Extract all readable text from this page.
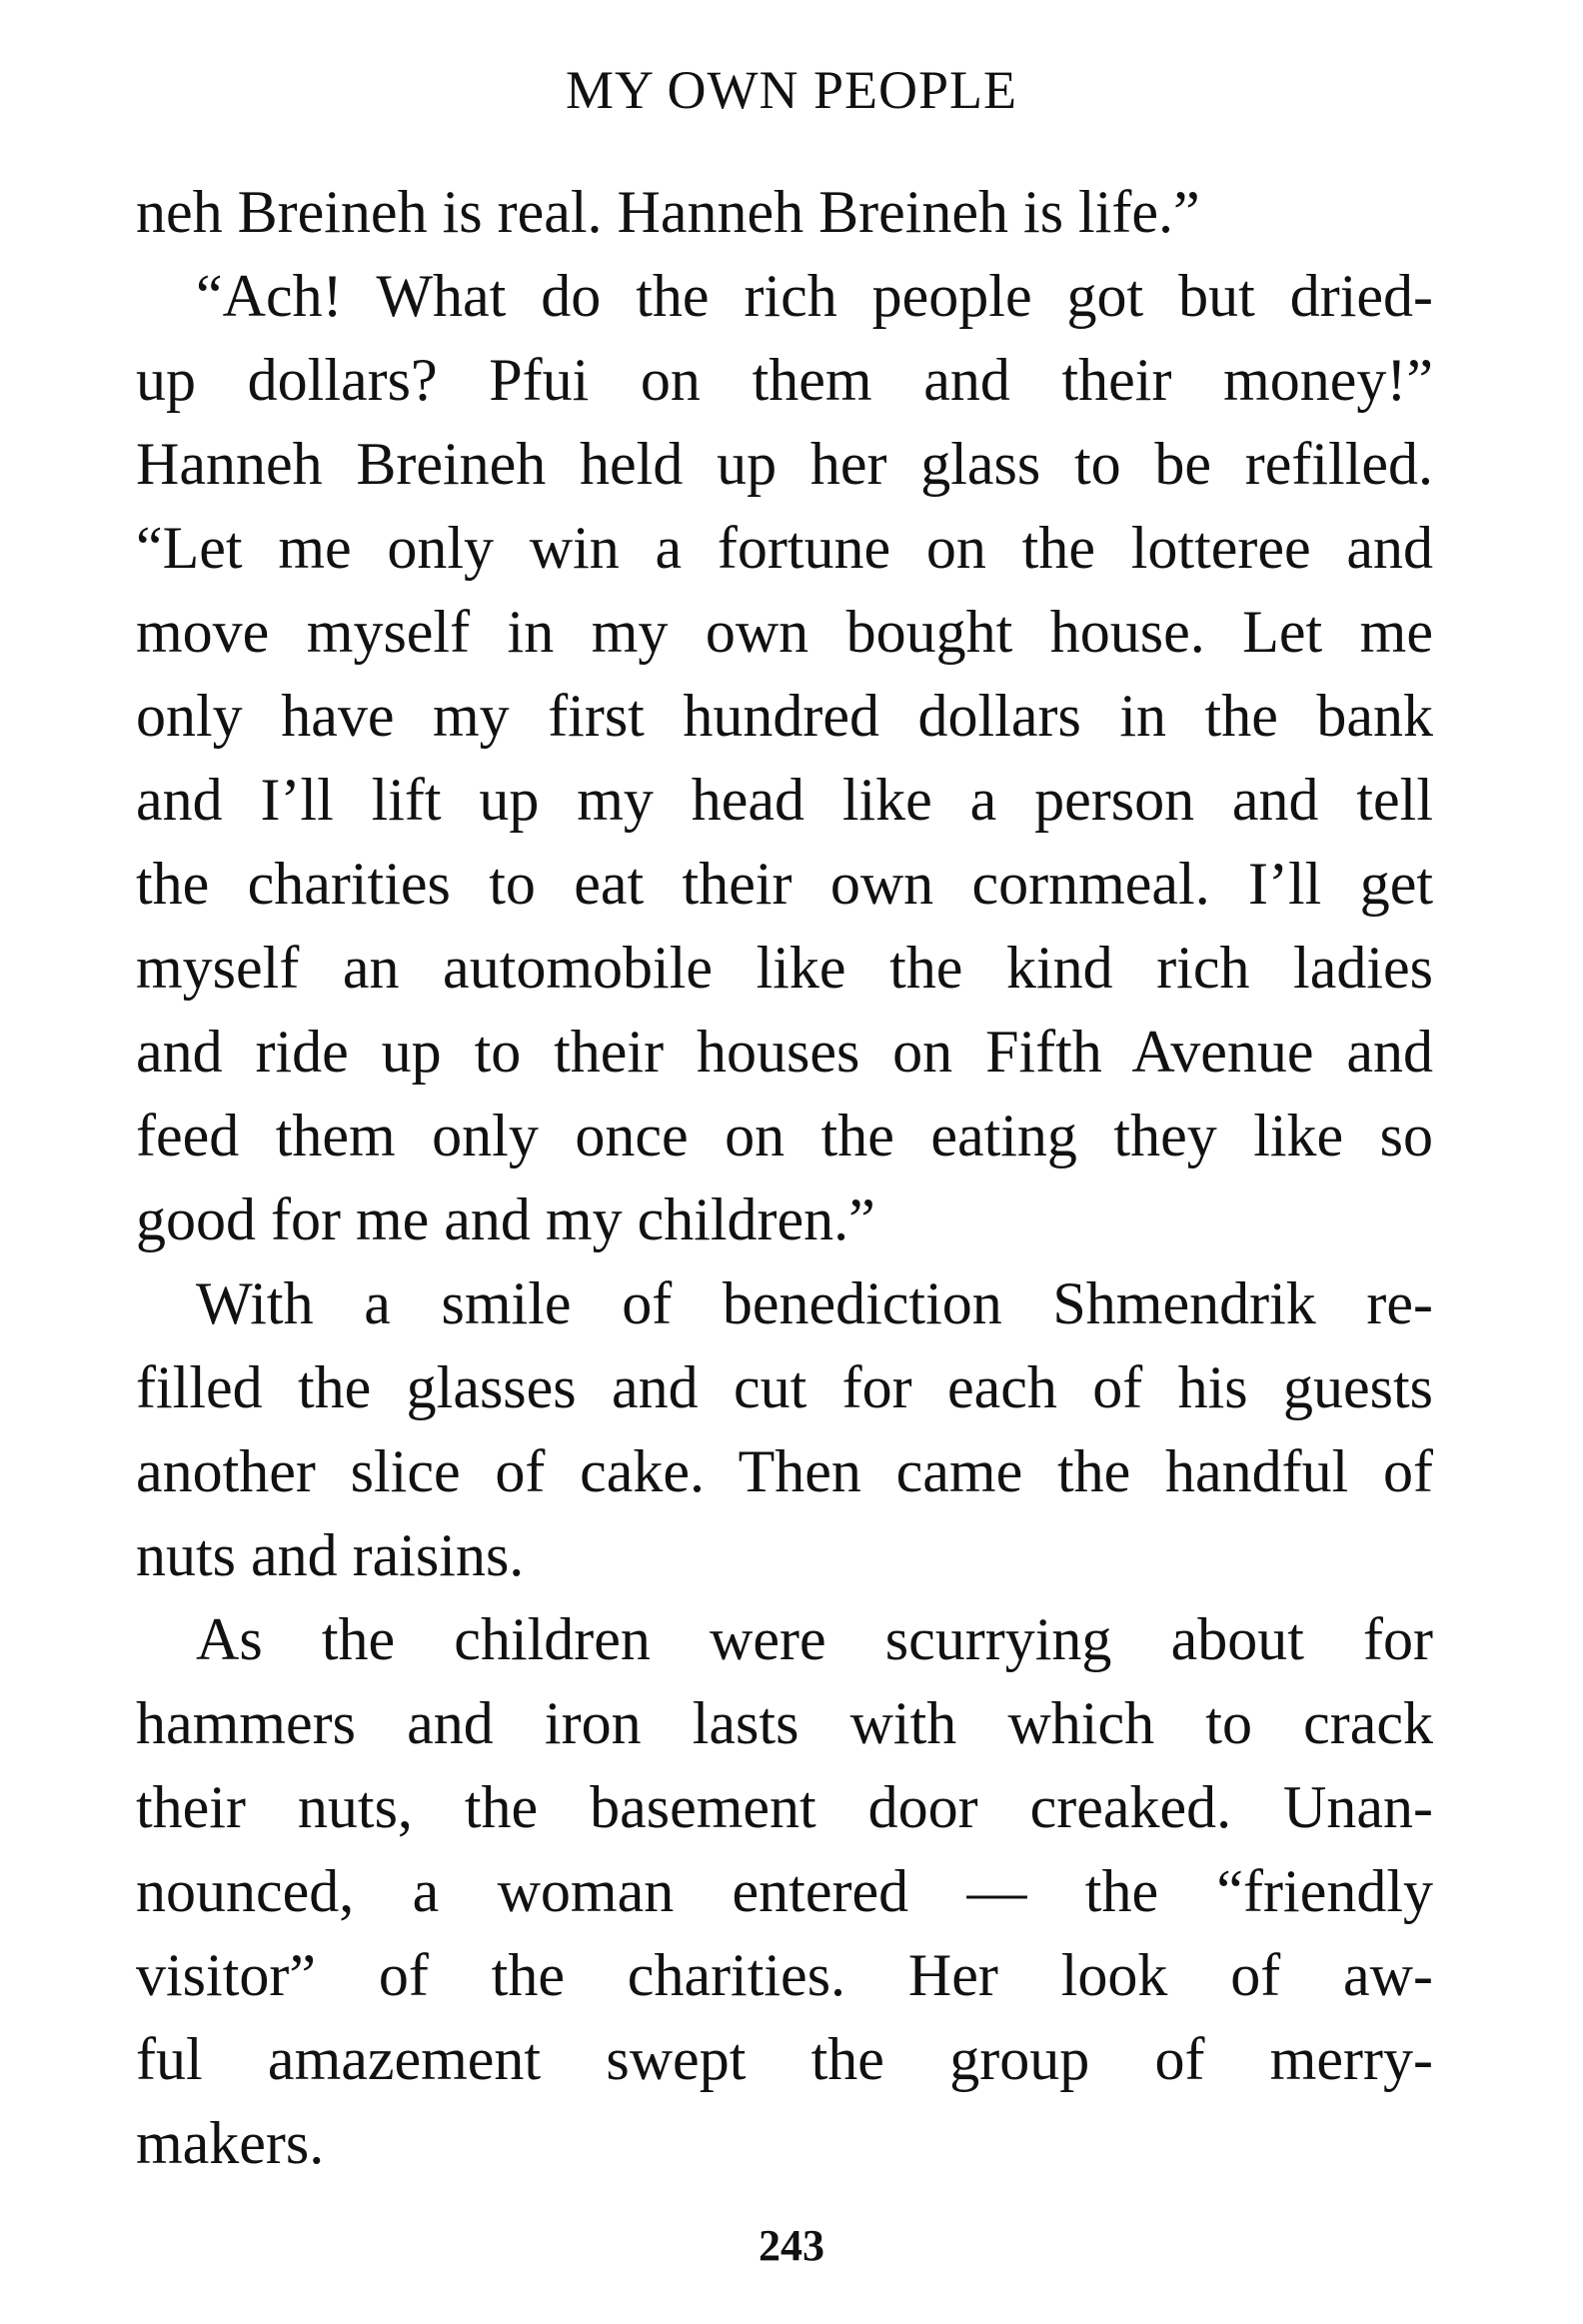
MY OWN PEOPLE
neh Breineh is real. Hanneh Breineh is life.”
“Ach! What do the rich people got but dried-
up dollars? Pfui on them and their money!”
Hanneh Breineh held up her glass to be refilled.
“Let me only win a fortune on the lotteree and
move myself in my own bought house. Let me
only have my first hundred dollars in the bank
and I’ll lift up my head like a person and tell
the charities to eat their own cornmeal. I’ll get
myself an automobile like the kind rich ladies
and ride up to their houses on Fifth Avenue and
feed them only once on the eating they like so
good for me and my children.”
With a smile of benediction Shmendrik re-
filled the glasses and cut for each of his guests
another slice of cake. Then came the handful of
nuts and raisins.
As the children were scurrying about for
hammers and iron lasts with which to crack
their nuts, the basement door creaked. Unan-
nounced, a woman entered — the “friendly
visitor” of the charities. Her look of aw-
ful amazement swept the group of merry-
makers.
243
